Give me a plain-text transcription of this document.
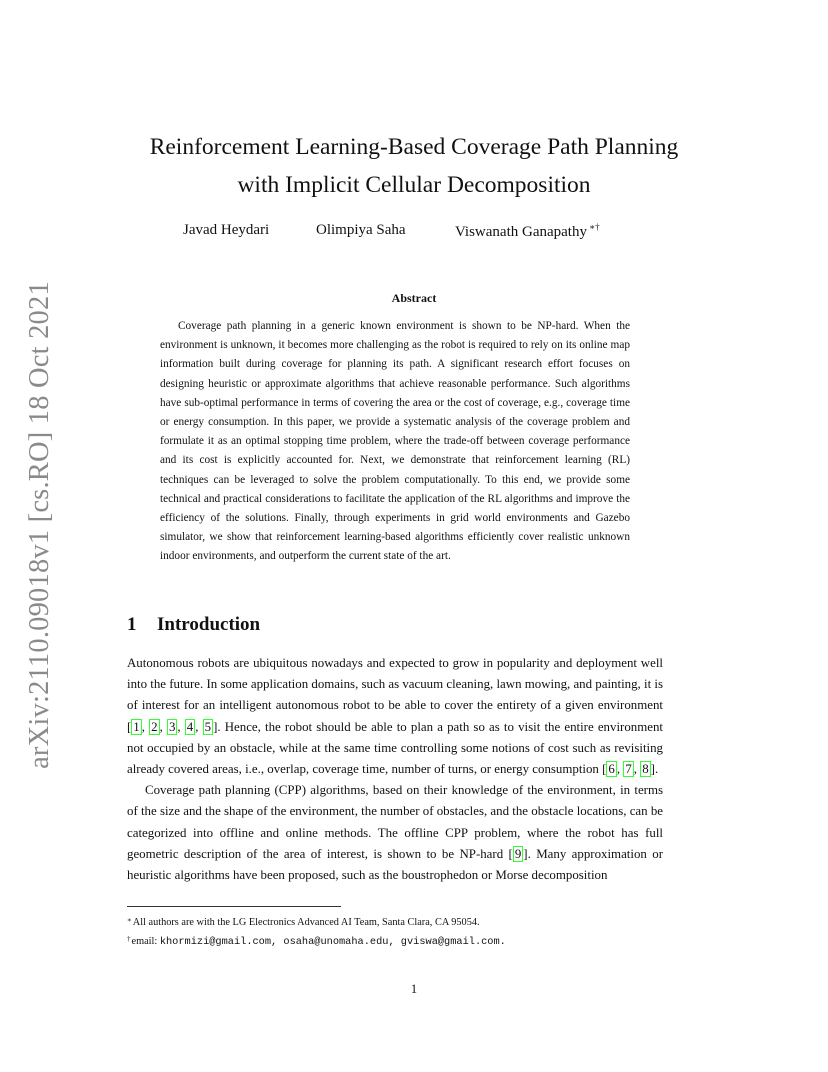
arXiv:2110.09018v1 [cs.RO] 18 Oct 2021
Reinforcement Learning-Based Coverage Path Planning
with Implicit Cellular Decomposition
Javad Heydari	Olimpiya Saha	Viswanath Ganapathy ∗†
Abstract
Coverage path planning in a generic known environment is shown to be NP-hard. When the environment is unknown, it becomes more challenging as the robot is required to rely on its online map information built during coverage for planning its path. A significant research effort focuses on designing heuristic or approximate algorithms that achieve reasonable performance. Such algorithms have sub-optimal performance in terms of covering the area or the cost of coverage, e.g., coverage time or energy consumption. In this paper, we provide a systematic analysis of the coverage problem and formulate it as an optimal stopping time problem, where the trade-off between coverage performance and its cost is explicitly accounted for. Next, we demonstrate that reinforcement learning (RL) techniques can be leveraged to solve the problem computationally. To this end, we provide some technical and practical considerations to facilitate the application of the RL algorithms and improve the efficiency of the solutions. Finally, through experiments in grid world environments and Gazebo simulator, we show that reinforcement learning-based algorithms efficiently cover realistic unknown indoor environments, and outperform the current state of the art.
1 Introduction

Autonomous robots are ubiquitous nowadays and expected to grow in popularity and deployment well into the future. In some application domains, such as vacuum cleaning, lawn mowing, and painting, it is of interest for an intelligent autonomous robot to be able to cover the entirety of a given environment [ 1 , 2 , 3 , 4 , 5 ]. Hence, the robot should be able to plan a path so as to visit the entire environment not occupied by an obstacle, while at the same time controlling some notions of cost such as revisiting already covered areas, i.e., overlap, coverage time, number of turns, or energy consumption [ 6 , 7 , 8 ].

Coverage path planning (CPP) algorithms, based on their knowledge of the environment, in terms of the size and the shape of the environment, the number of obstacles, and the obstacle locations, can be categorized into offline and online methods. The offline CPP problem, where the robot has full geometric description of the area of interest, is shown to be NP-hard [ 9 ]. Many approximation or heuristic algorithms have been proposed, such as the boustrophedon or Morse decomposition

∗All authors are with the LG Electronics Advanced AI Team, Santa Clara, CA 95054.
†email: khormizi@gmail.com, osaha@unomaha.edu, gviswa@gmail.com.
1
